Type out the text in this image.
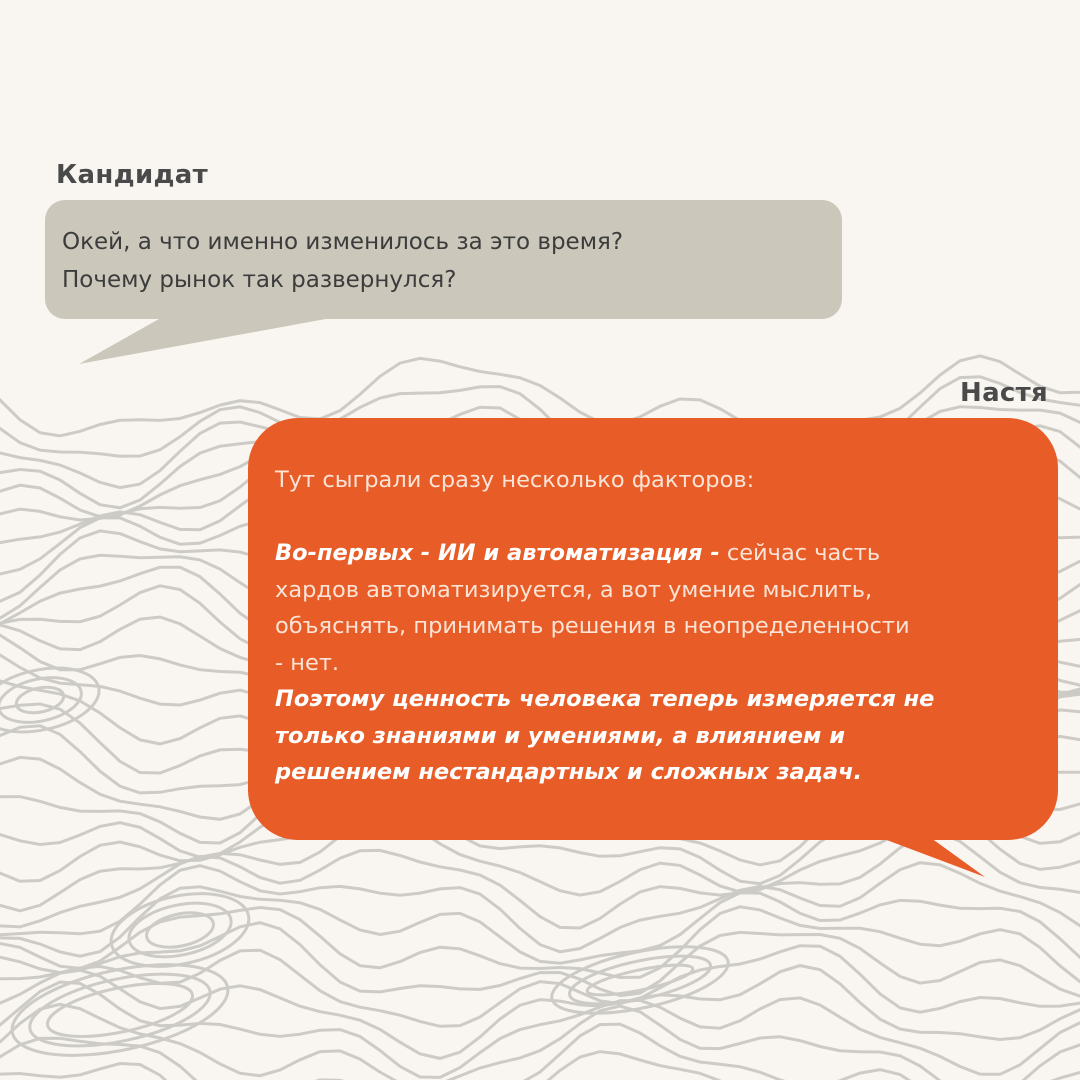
Кандидат
Окей, а что именно изменилось за это время?
Почему рынок так развернулся?
Настя
Тут сыграли сразу несколько факторов:
Во-первых - ИИ и автоматизация - сейчас часть
хардов автоматизируется, а вот умение мыслить,
объяснять, принимать решения в неопределенности
- нет.
Поэтому ценность человека теперь измеряется не
только знаниями и умениями, а влиянием и
решением нестандартных и сложных задач.
